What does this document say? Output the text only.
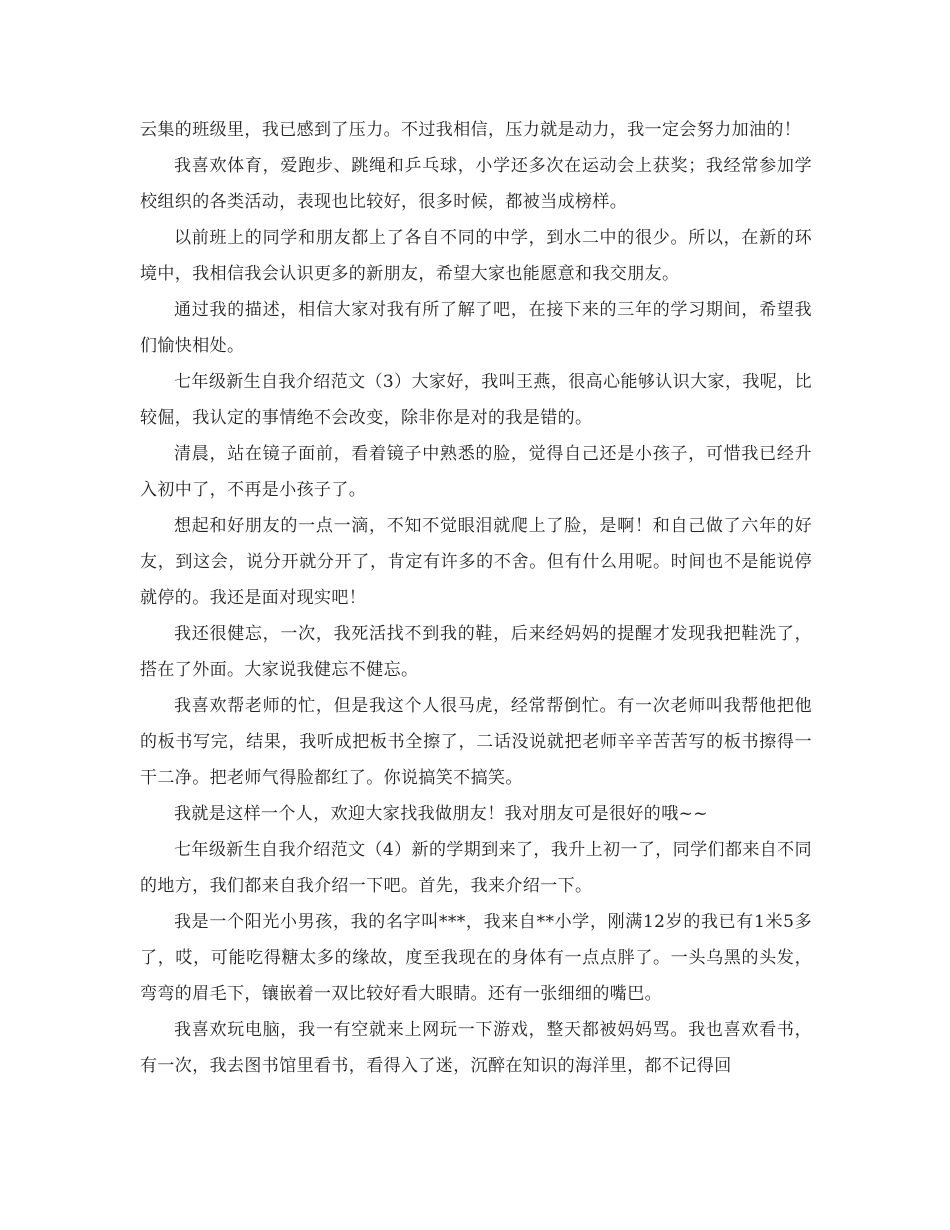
云集的班级里，我已感到了压力。不过我相信，压力就是动力，我一定会努力加油的！

我喜欢体育，爱跑步、跳绳和乒乓球，小学还多次在运动会上获奖；我经常参加学校组织的各类活动，表现也比较好，很多时候，都被当成榜样。

以前班上的同学和朋友都上了各自不同的中学，到水二中的很少。所以，在新的环境中，我相信我会认识更多的新朋友，希望大家也能愿意和我交朋友。

通过我的描述，相信大家对我有所了解了吧，在接下来的三年的学习期间，希望我们愉快相处。

七年级新生自我介绍范文（3）大家好，我叫王燕，很高心能够认识大家，我呢，比较倔，我认定的事情绝不会改变，除非你是对的我是错的。

清晨，站在镜子面前，看着镜子中熟悉的脸，觉得自己还是小孩子，可惜我已经升入初中了，不再是小孩子了。

想起和好朋友的一点一滴，不知不觉眼泪就爬上了脸，是啊！和自己做了六年的好友，到这会，说分开就分开了，肯定有许多的不舍。但有什么用呢。时间也不是能说停就停的。我还是面对现实吧！

我还很健忘，一次，我死活找不到我的鞋，后来经妈妈的提醒才发现我把鞋洗了，搭在了外面。大家说我健忘不健忘。

我喜欢帮老师的忙，但是我这个人很马虎，经常帮倒忙。有一次老师叫我帮他把他的板书写完，结果，我听成把板书全擦了，二话没说就把老师辛辛苦苦写的板书擦得一干二净。把老师气得脸都红了。你说搞笑不搞笑。

我就是这样一个人，欢迎大家找我做朋友！我对朋友可是很好的哦~~

七年级新生自我介绍范文（4）新的学期到来了，我升上初一了，同学们都来自不同的地方，我们都来自我介绍一下吧。首先，我来介绍一下。

我是一个阳光小男孩，我的名字叫***，我来自**小学，刚满12岁的我已有1米5多了，哎，可能吃得糖太多的缘故，度至我现在的身体有一点点胖了。一头乌黑的头发，弯弯的眉毛下，镶嵌着一双比较好看大眼睛。还有一张细细的嘴巴。

我喜欢玩电脑，我一有空就来上网玩一下游戏，整天都被妈妈骂。我也喜欢看书，有一次，我去图书馆里看书，看得入了迷，沉醉在知识的海洋里，都不记得回
